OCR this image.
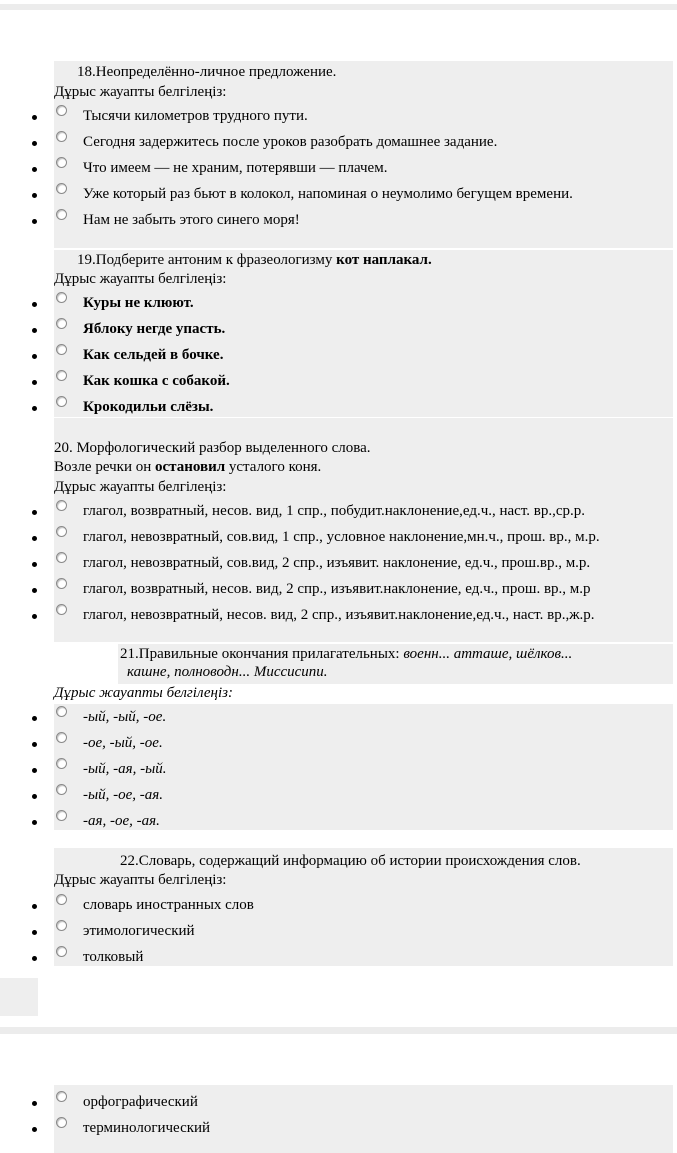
18.Неопределённо-личное предложение.
Дұрыс жауапты белгілеңіз:
Тысячи километров трудного пути.
Сегодня задержитесь после уроков разобрать домашнее задание.
Что имеем — не храним, потерявши — плачем.
Уже который раз бьют в колокол, напоминая о неумолимо бегущем времени.
Нам не забыть этого синего моря!
19.Подберите антоним к фразеологизму кот наплакал.
Дұрыс жауапты белгілеңіз:
Куры не клюют.
Яблоку негде упасть.
Как сельдей в бочке.
Как кошка с собакой.
Крокодильи слёзы.
20. Морфологический разбор выделенного слова.
Возле речки он остановил усталого коня.
Дұрыс жауапты белгілеңіз:
глагол, возвратный, несов. вид, 1 спр., побудит.наклонение,ед.ч., наст. вр.,ср.р.
глагол, невозвратный, сов.вид, 1 спр., условное наклонение,мн.ч., прош. вр., м.р.
глагол, невозвратный, сов.вид, 2 спр., изъявит. наклонение, ед.ч., прош.вр., м.р.
глагол, возвратный, несов. вид, 2 спр., изъявит.наклонение, ед.ч., прош. вр., м.р
глагол, невозвратный, несов. вид, 2 спр., изъявит.наклонение,ед.ч., наст. вр.,ж.р.
21.Правильные окончания прилагательных: военн... атташе, шёлков...
кашне, полноводн... Миссисипи.
Дұрыс жауапты белгілеңіз:
-ый, -ый, -ое.
-ое, -ый, -ое.
-ый, -ая, -ый.
-ый, -ое, -ая.
-ая, -ое, -ая.
22.Словарь, содержащий информацию об истории происхождения слов.
Дұрыс жауапты белгілеңіз:
словарь иностранных слов
этимологический
толковый
орфографический
терминологический
